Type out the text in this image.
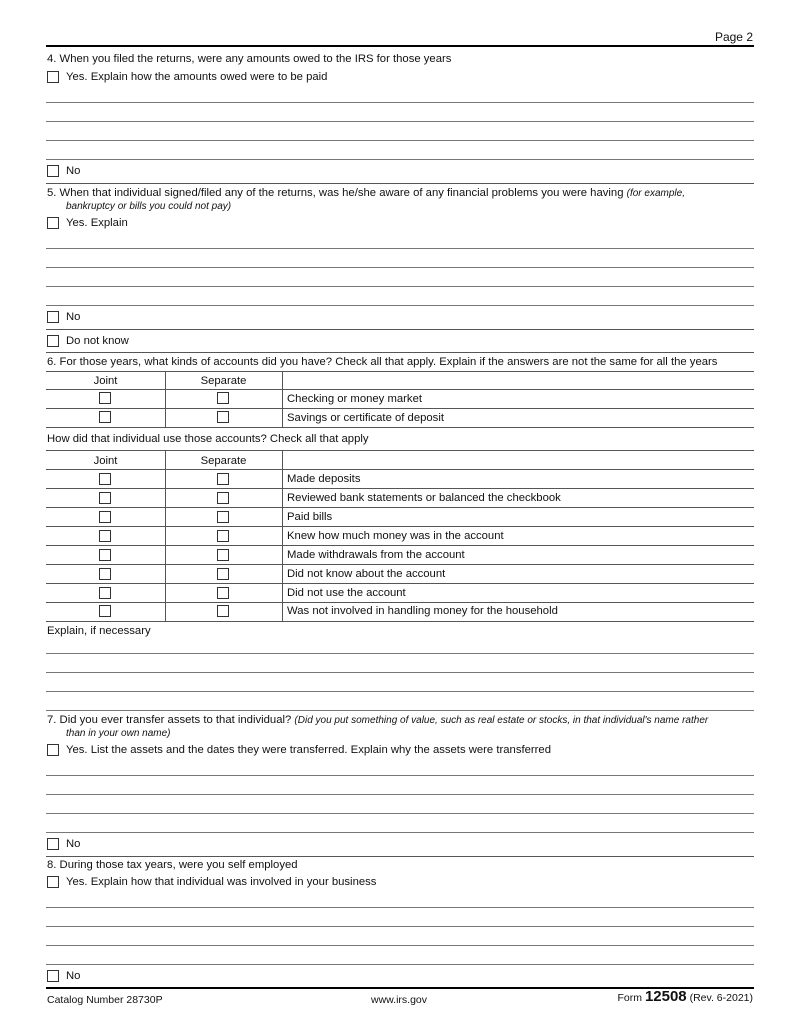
Page 2
4. When you filed the returns, were any amounts owed to the IRS for those years
Yes. Explain how the amounts owed were to be paid
No
5. When that individual signed/filed any of the returns, was he/she aware of any financial problems you were having (for example,
bankruptcy or bills you could not pay)
Yes. Explain
No
Do not know
6. For those years, what kinds of accounts did you have? Check all that apply. Explain if the answers are not the same for all the years
Joint	Separate
Checking or money market
Savings or certificate of deposit
How did that individual use those accounts? Check all that apply
Joint	Separate
Made deposits
Reviewed bank statements or balanced the checkbook
Paid bills
Knew how much money was in the account
Made withdrawals from the account
Did not know about the account
Did not use the account
Was not involved in handling money for the household
Explain, if necessary
7. Did you ever transfer assets to that individual? (Did you put something of value, such as real estate or stocks, in that individual's name rather
than in your own name)
Yes. List the assets and the dates they were transferred. Explain why the assets were transferred
No
8. During those tax years, were you self employed
Yes. Explain how that individual was involved in your business
No
Catalog Number 28730P	www.irs.gov	Form 12508 (Rev. 6-2021)
